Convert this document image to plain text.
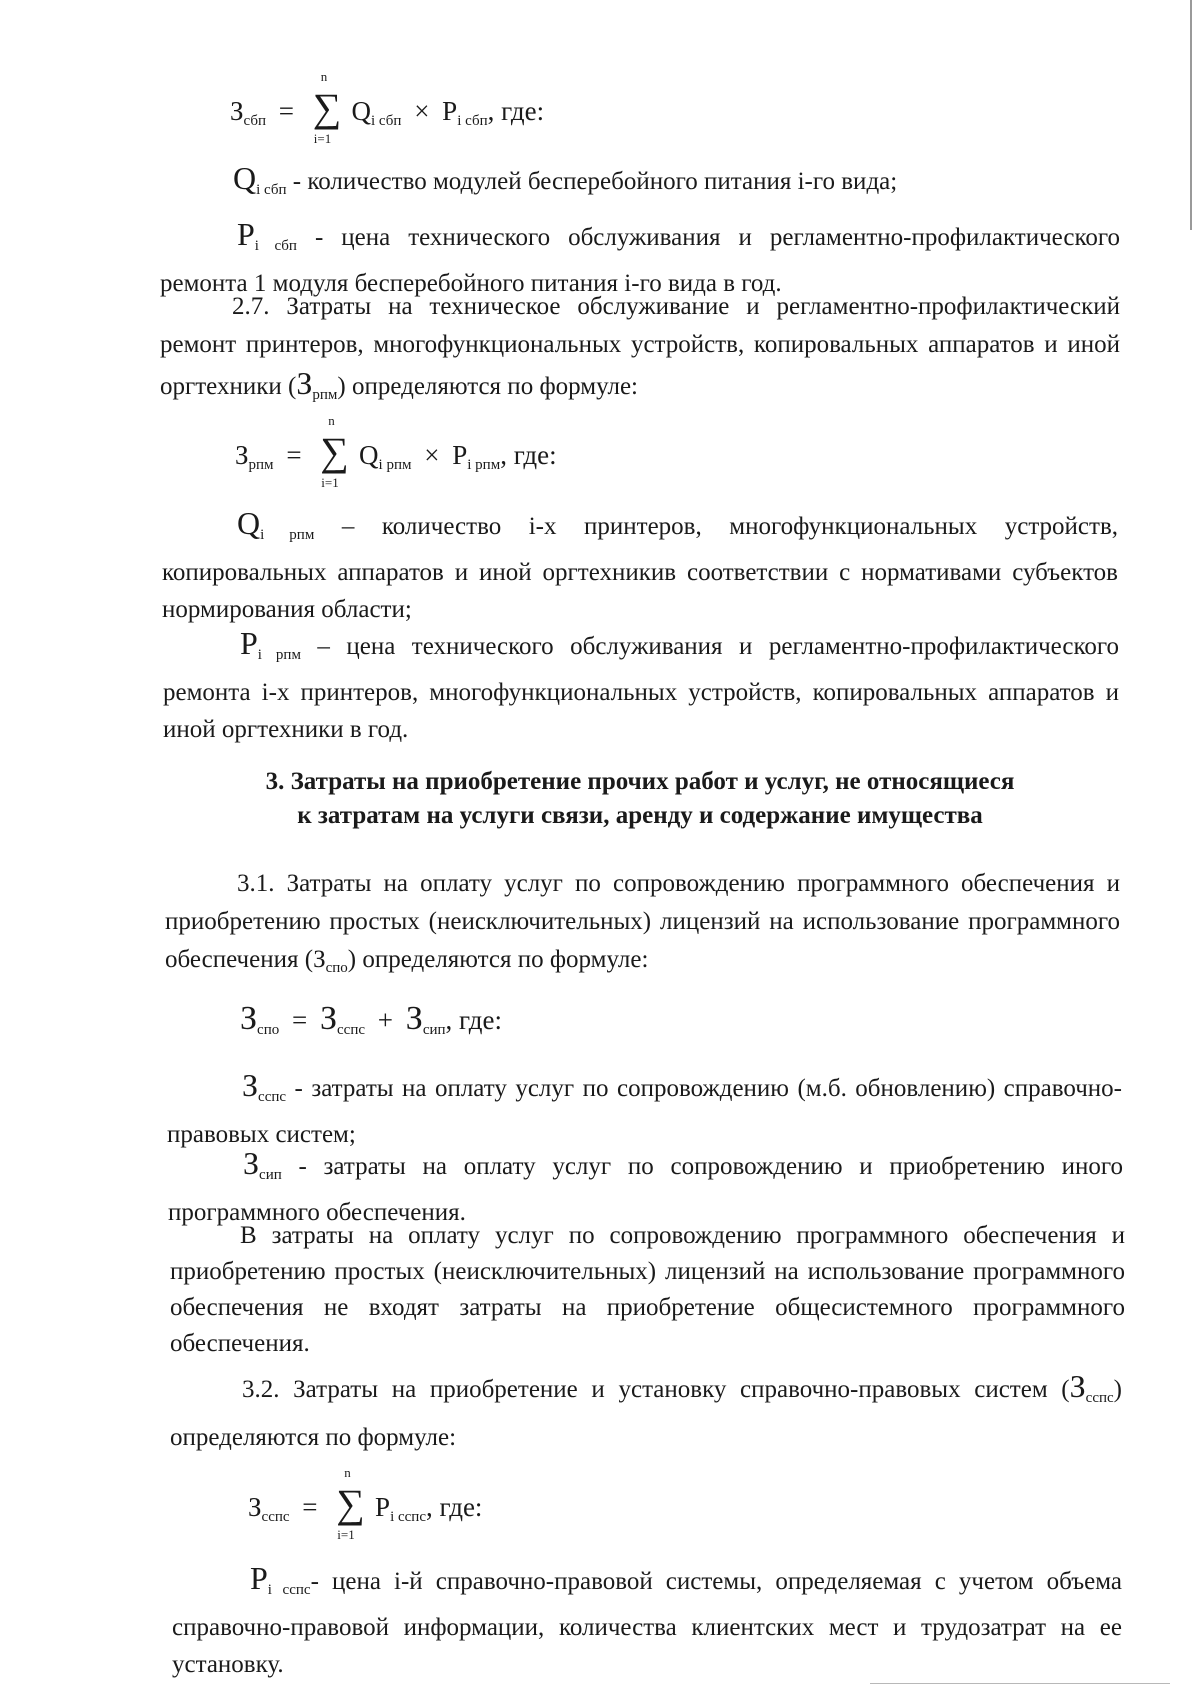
$З_{сбп}$ =
n
∑
i=1
$Q_{i сбп} \times P_{i сбп}$, где:
$Q_{i сбп}$ - количество модулей бесперебойного питания i-го вида;
$P_{i сбп}$ - цена технического обслуживания и регламентно-профилактического ремонта 1 модуля бесперебойного питания i-го вида в год.
2.7. Затраты на техническое обслуживание и регламентно-профилактический ремонт принтеров, многофункциональных устройств, копировальных аппаратов и иной оргтехники $(З_{рпм})$ определяются по формуле:
$З_{рпм}$ =
n
∑
i=1
$Q_{i рпм} \times P_{i рпм}$, где:
$Q_{i рпм}$ – количество i-х принтеров, многофункциональных устройств, копировальных аппаратов и иной оргтехникив соответствии с нормативами субъектов нормирования области;
$P_{i рпм}$ – цена технического обслуживания и регламентно-профилактического ремонта i-х принтеров, многофункциональных устройств, копировальных аппаратов и иной оргтехники в год.
3. Затраты на приобретение прочих работ и услуг, не относящиеся
к затратам на услуги связи, аренду и содержание имущества
3.1. Затраты на оплату услуг по сопровождению программного обеспечения и приобретению простых (неисключительных) лицензий на использование программного обеспечения $(З_{спо})$ определяются по формуле:
$З_{спо} = З_{сспс} + З_{сип}$, где:
$З_{сспс}$ - затраты на оплату услуг по сопровождению (м.б. обновлению) справочно-правовых систем;
$З_{сип}$ - затраты на оплату услуг по сопровождению и приобретению иного программного обеспечения.
В затраты на оплату услуг по сопровождению программного обеспечения и приобретению простых (неисключительных) лицензий на использование программного обеспечения не входят затраты на приобретение общесистемного программного обеспечения.
3.2. Затраты на приобретение и установку справочно-правовых систем $(З_{сспс})$ определяются по формуле:
$З_{сспс}$ =
n
∑
i=1
$P_{i сспс}$, где:
$P_{i сспс}-$ цена i-й справочно-правовой системы, определяемая с учетом объема справочно-правовой информации, количества клиентских мест и трудозатрат на ее установку.
